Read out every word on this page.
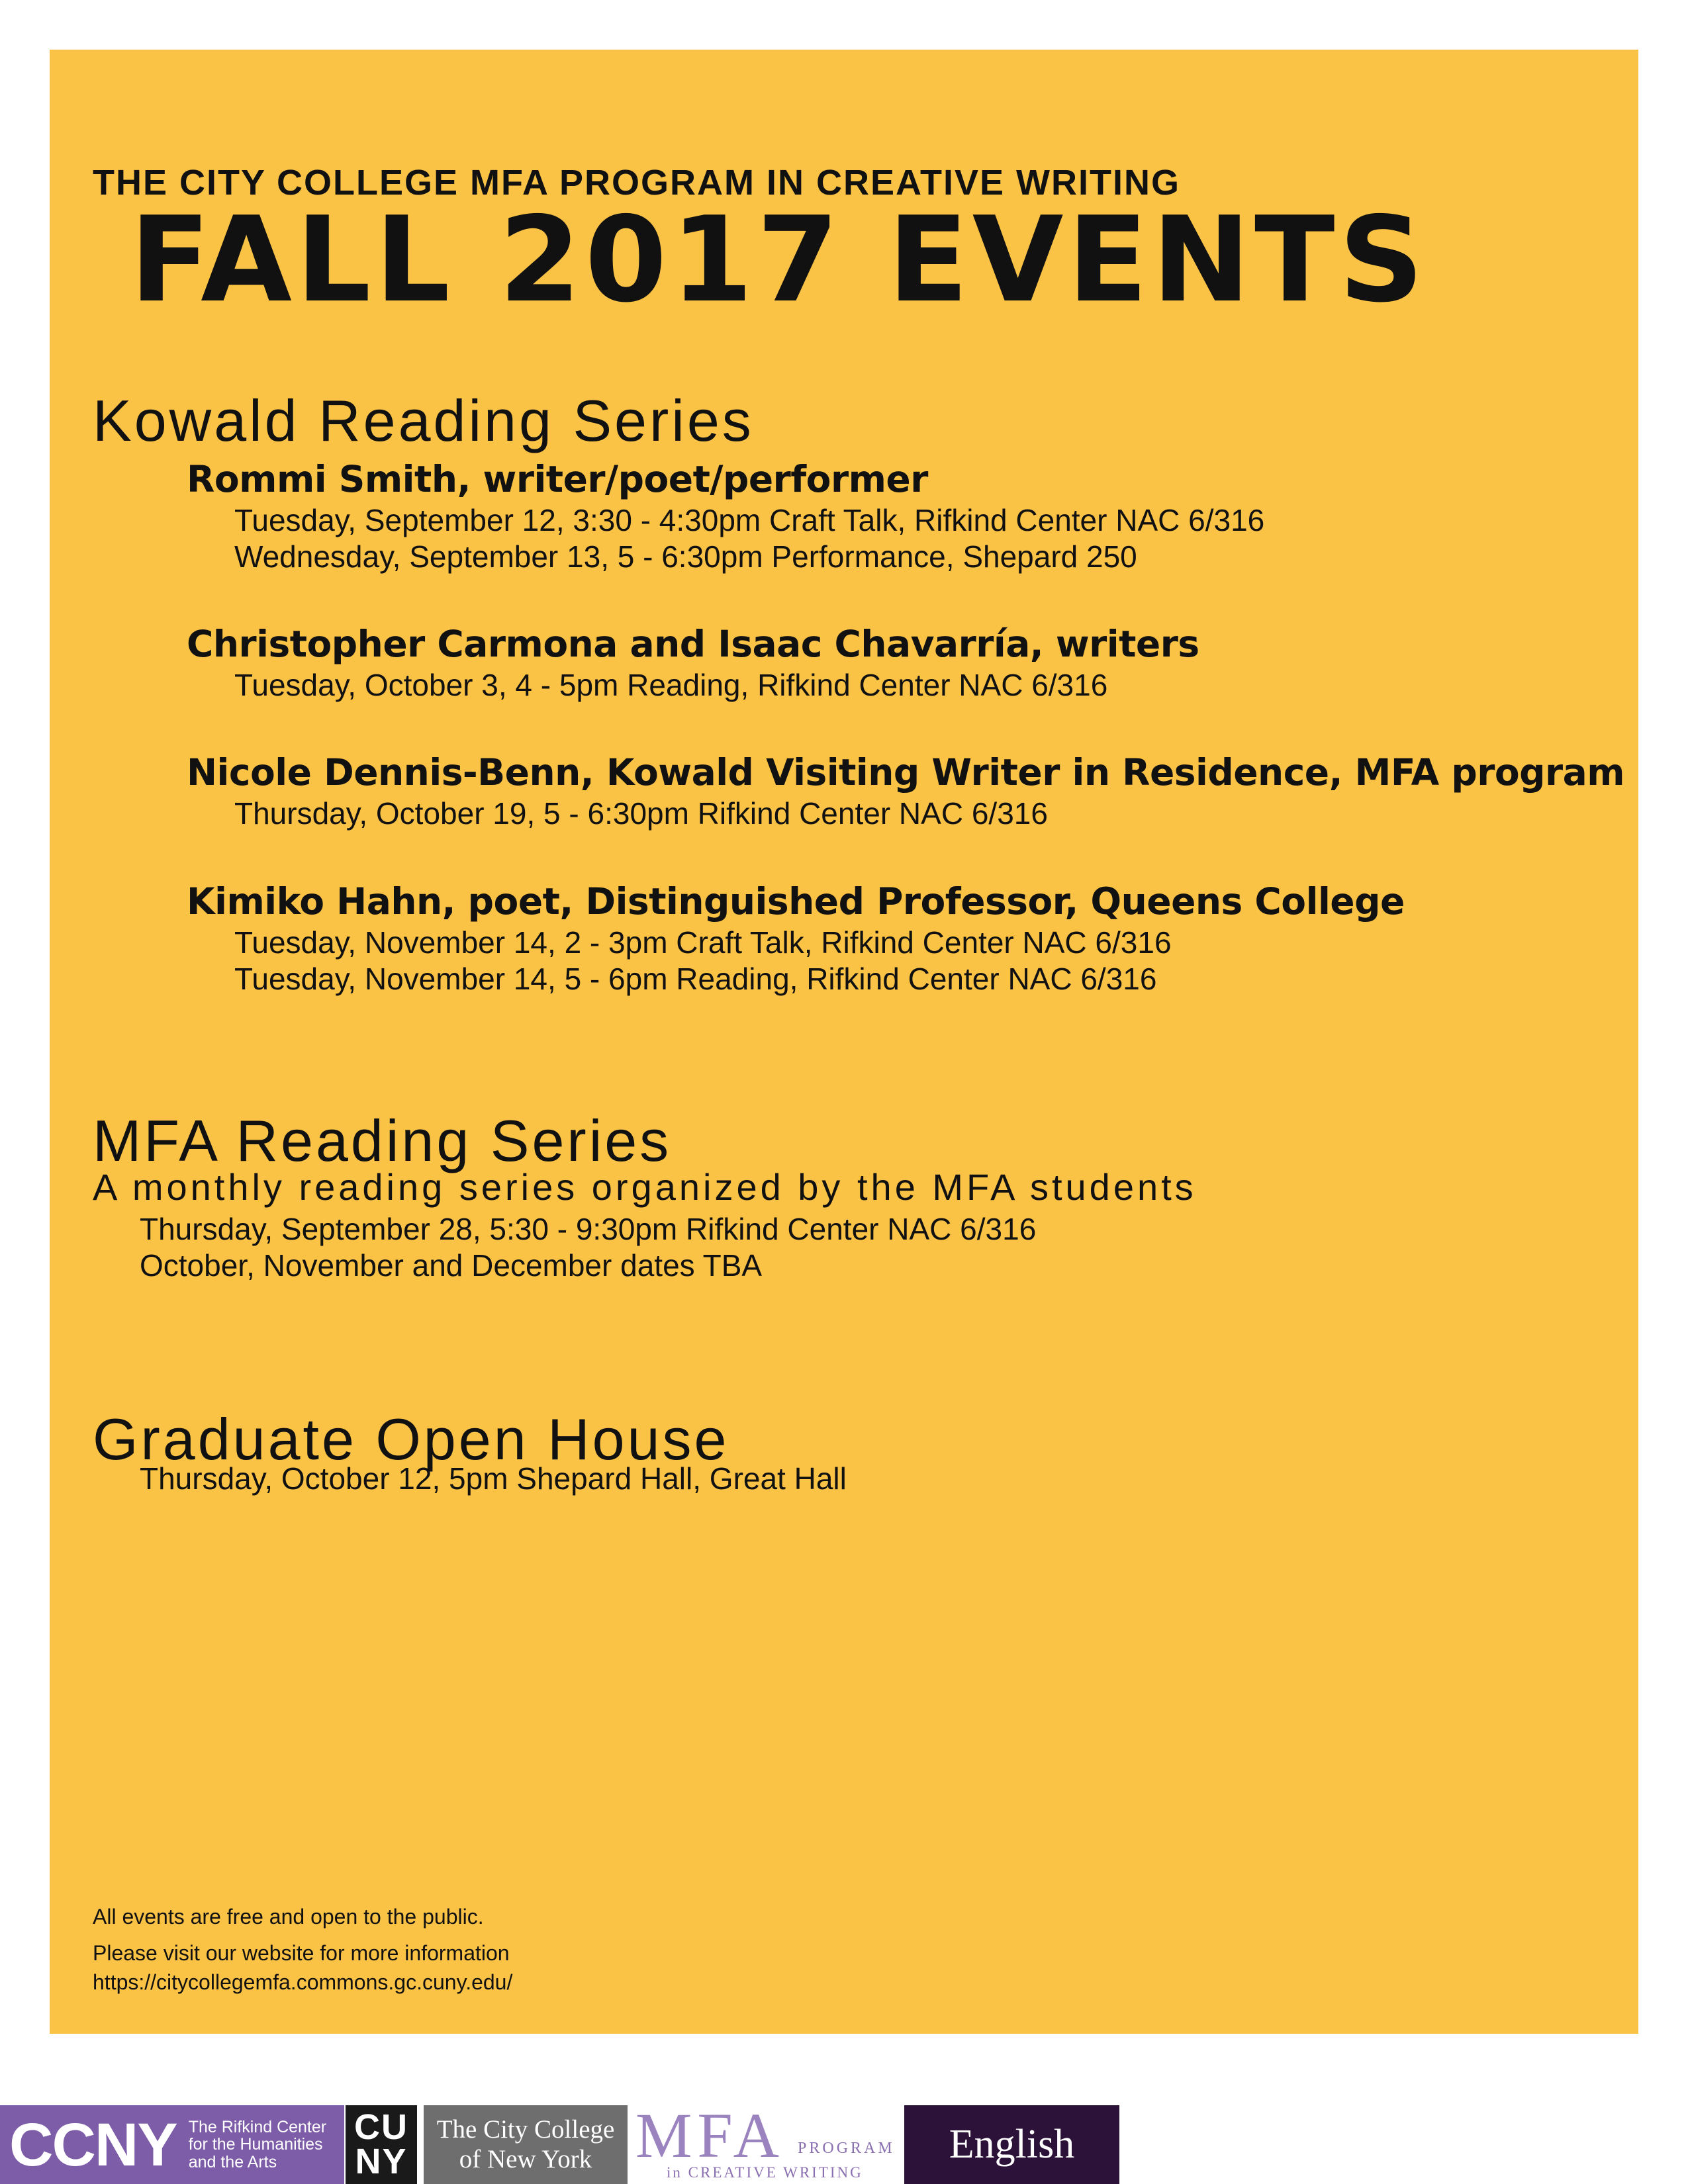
THE CITY COLLEGE MFA PROGRAM IN CREATIVE WRITING
FALL 2017 EVENTS
Kowald Reading Series
Rommi Smith, writer/poet/performer
Tuesday, September 12, 3:30 - 4:30pm Craft Talk, Rifkind Center NAC 6/316
Wednesday, September 13, 5 - 6:30pm Performance, Shepard 250
Christopher Carmona and Isaac Chavarría, writers
Tuesday, October 3, 4 - 5pm Reading, Rifkind Center NAC 6/316
Nicole Dennis-Benn, Kowald Visiting Writer in Residence, MFA program
Thursday, October 19, 5 - 6:30pm Rifkind Center NAC 6/316
Kimiko Hahn, poet, Distinguished Professor, Queens College
Tuesday, November 14, 2 - 3pm Craft Talk, Rifkind Center NAC 6/316
Tuesday, November 14, 5 - 6pm Reading, Rifkind Center NAC 6/316
MFA Reading Series
A monthly reading series organized by the MFA students
Thursday, September 28, 5:30 - 9:30pm Rifkind Center NAC 6/316
October, November and December dates TBA
Graduate Open House
Thursday, October 12, 5pm Shepard Hall, Great Hall
All events are free and open to the public.
Please visit our website for more information
https://citycollegemfa.commons.gc.cuny.edu/
CCNY The Rifkind Center
for the Humanities
and the Arts
CU
NY
The City College
of New York MFA PROGRAM
in CREATIVE WRITING
English
